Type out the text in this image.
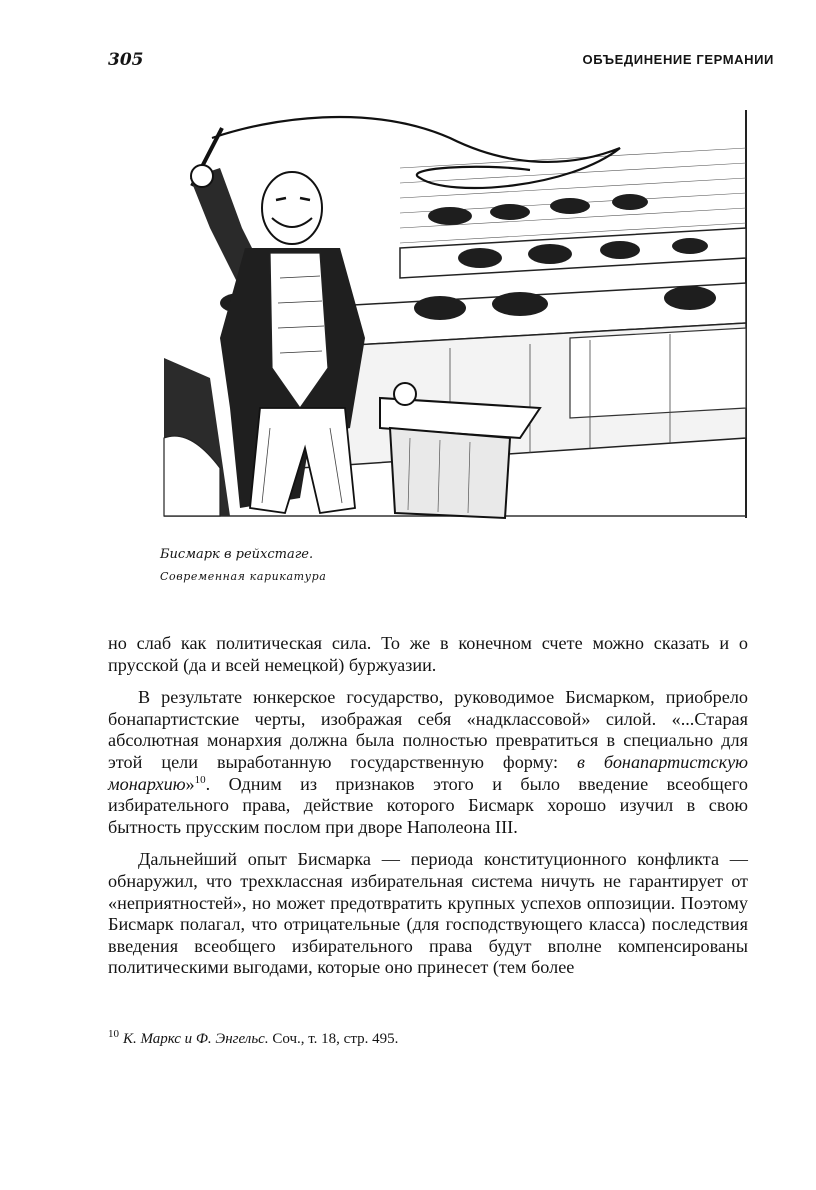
305	ОБЪЕДИНЕНИЕ ГЕРМАНИИ
Бисмарк в рейхстаге.
Современная карикатура

но слаб как политическая сила. То же в конечном счете можно сказать и о прусской (да и всей немецкой) буржуазии.

В результате юнкерское государство, руководимое Бисмарком, приобрело бонапартистские черты, изображая себя «надклассовой» силой. «...Старая абсолютная монархия должна была полностью превратиться в специально для этой цели выработанную государственную форму: в бонапартистскую монархию»$^{10}$. Одним из признаков этого и было введение всеобщего избирательного права, действие которого Бисмарк хорошо изучил в свою бытность прусским послом при дворе Наполеона III.

Дальнейший опыт Бисмарка — периода конституционного конфликта — обнаружил, что трехклассная избирательная система ничуть не гарантирует от «неприятностей», но может предотвратить крупных успехов оппозиции. Поэтому Бисмарк полагал, что отрицательные (для господствующего класса) последствия введения всеобщего избирательного права будут вполне компенсированы политическими выгодами, которые оно принесет (тем более

$^{10}$ К. Маркс и Ф. Энгельс. Соч., т. 18, стр. 495.
